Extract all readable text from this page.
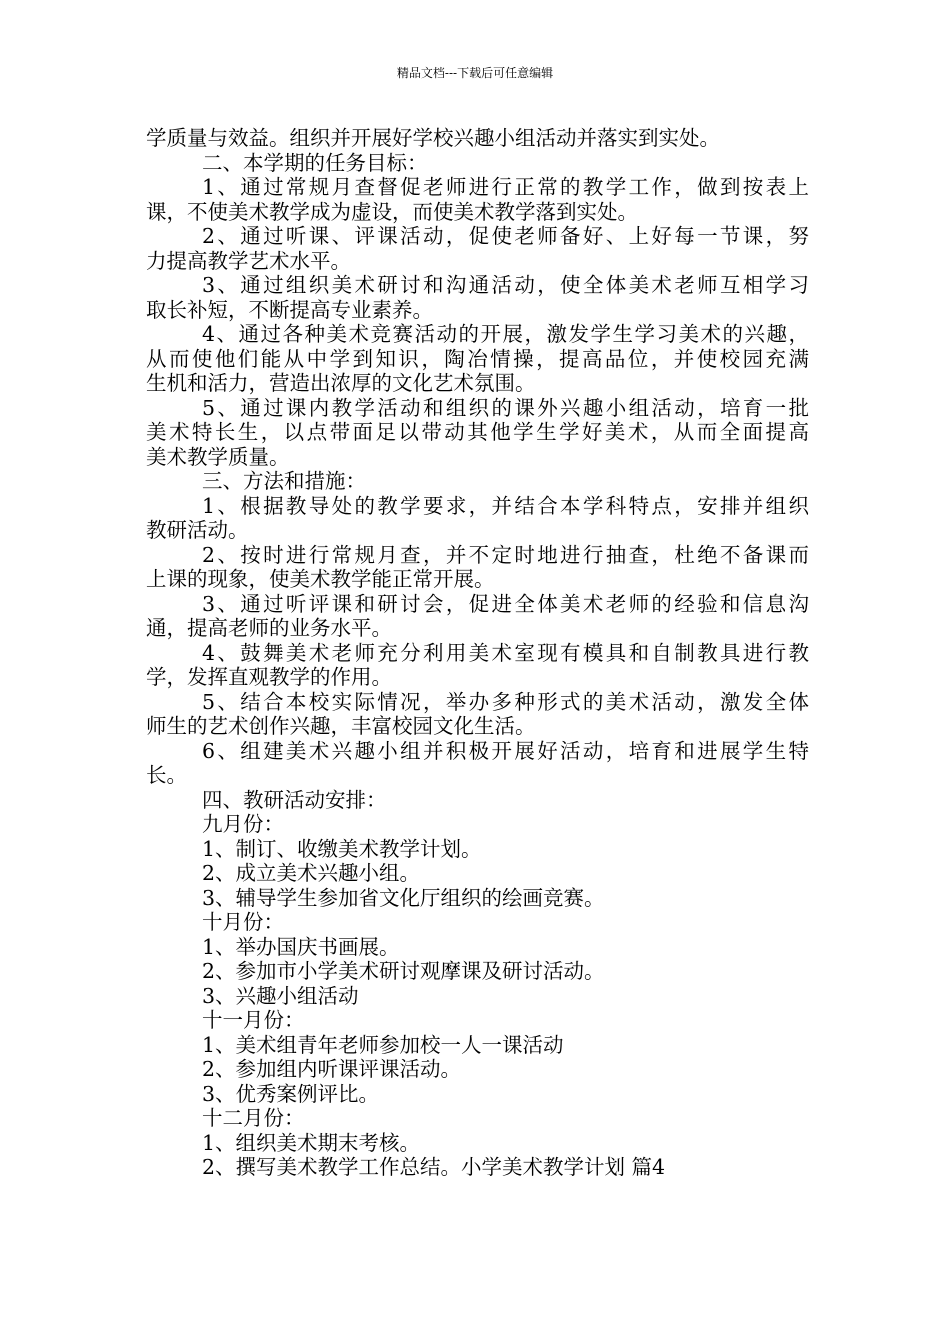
精品文档---下载后可任意编辑
学质量与效益。组织并开展好学校兴趣小组活动并落实到实处。
二、本学期的任务目标：
1、通过常规月查督促老师进行正常的教学工作，做到按表上
课，不使美术教学成为虚设，而使美术教学落到实处。
2、通过听课、评课活动，促使老师备好、上好每一节课，努
力提高教学艺术水平。
3、通过组织美术研讨和沟通活动，使全体美术老师互相学习
取长补短，不断提高专业素养。
4、通过各种美术竞赛活动的开展，激发学生学习美术的兴趣，
从而使他们能从中学到知识，陶冶情操，提高品位，并使校园充满
生机和活力，营造出浓厚的文化艺术氛围。
5、通过课内教学活动和组织的课外兴趣小组活动，培育一批
美术特长生，以点带面足以带动其他学生学好美术，从而全面提高
美术教学质量。
三、方法和措施：
1、根据教导处的教学要求，并结合本学科特点，安排并组织
教研活动。
2、按时进行常规月查，并不定时地进行抽查，杜绝不备课而
上课的现象，使美术教学能正常开展。
3、通过听评课和研讨会，促进全体美术老师的经验和信息沟
通，提高老师的业务水平。
4、鼓舞美术老师充分利用美术室现有模具和自制教具进行教
学，发挥直观教学的作用。
5、结合本校实际情况，举办多种形式的美术活动，激发全体
师生的艺术创作兴趣，丰富校园文化生活。
6、组建美术兴趣小组并积极开展好活动，培育和进展学生特
长。
四、教研活动安排：
九月份：
1、制订、收缴美术教学计划。
2、成立美术兴趣小组。
3、辅导学生参加省文化厅组织的绘画竞赛。
十月份：
1、举办国庆书画展。
2、参加市小学美术研讨观摩课及研讨活动。
3、兴趣小组活动
十一月份：
1、美术组青年老师参加校一人一课活动
2、参加组内听课评课活动。
3、优秀案例评比。
十二月份：
1、组织美术期末考核。
2、撰写美术教学工作总结。小学美术教学计划 篇4
